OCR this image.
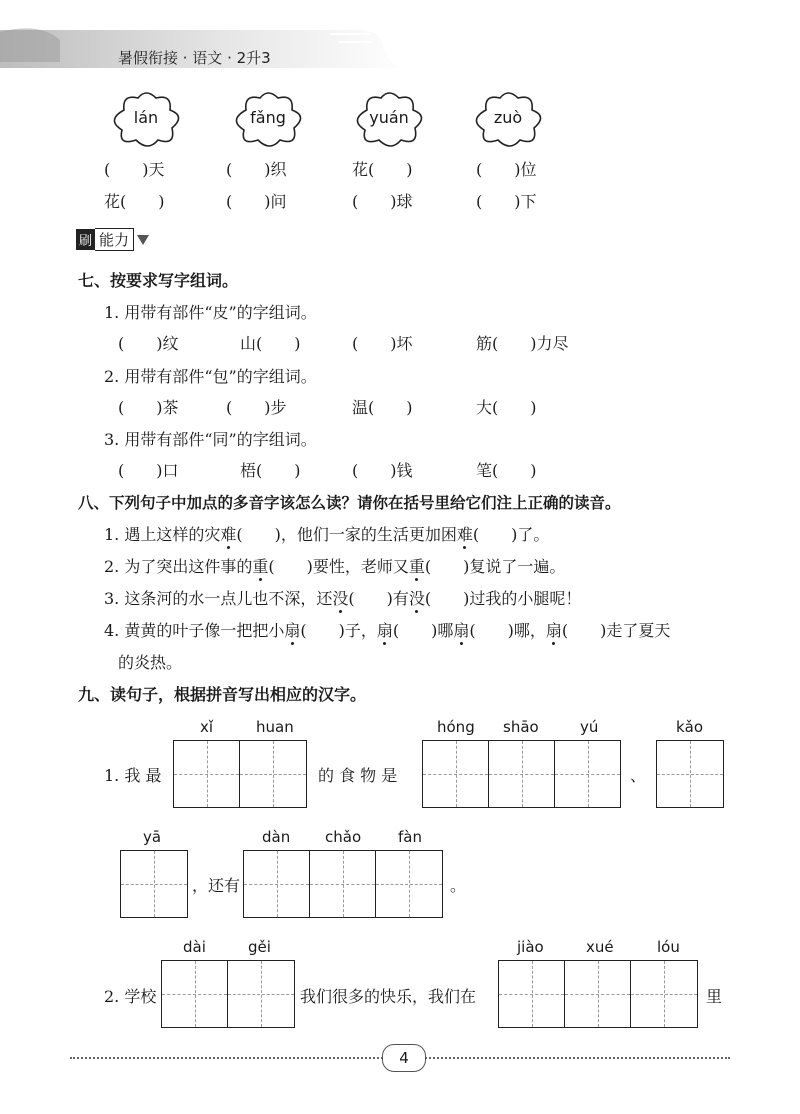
暑假衔接 · 语文 · 2升3
lán	fǎng	yuán	zuò
(　　)天	(　　)织	花(　　)	(　　)位
花(　　)	(　　)问	(　　)球	(　　)下
刷 能力
七、按要求写字组词。
1. 用带有部件“皮”的字组词。
(　　)纹	山(　　)	(　　)坏	筋(　　)力尽
2. 用带有部件“包”的字组词。
(　　)茶	(　　)步	温(　　)	大(　　)
3. 用带有部件“同”的字组词。
(　　)口	梧(　　)	(　　)钱	笔(　　)
八、下列句子中加点的多音字该怎么读？请你在括号里给它们注上正确的读音。
1. 遇上这样的灾难(　　)，他们一家的生活更加困难(　　)了。
2. 为了突出这件事的重(　　)要性，老师又重(　　)复说了一遍。
3. 这条河的水一点儿也不深，还没(　　)有没(　　)过我的小腿呢！
4. 黄黄的叶子像一把把小扇(　　)子，扇(　　)哪扇(　　)哪，扇(　　)走了夏天
的炎热。
九、读句子，根据拼音写出相应的汉字。
1. 我 最
xǐ	huan
的 食 物 是
hóng shāo	yú
、
kǎo
yā
，还有
dàn chǎo fàn
。
2. 学校
dài	gěi
我们很多的快乐，我们在
jiào	xué	lóu
里
4
